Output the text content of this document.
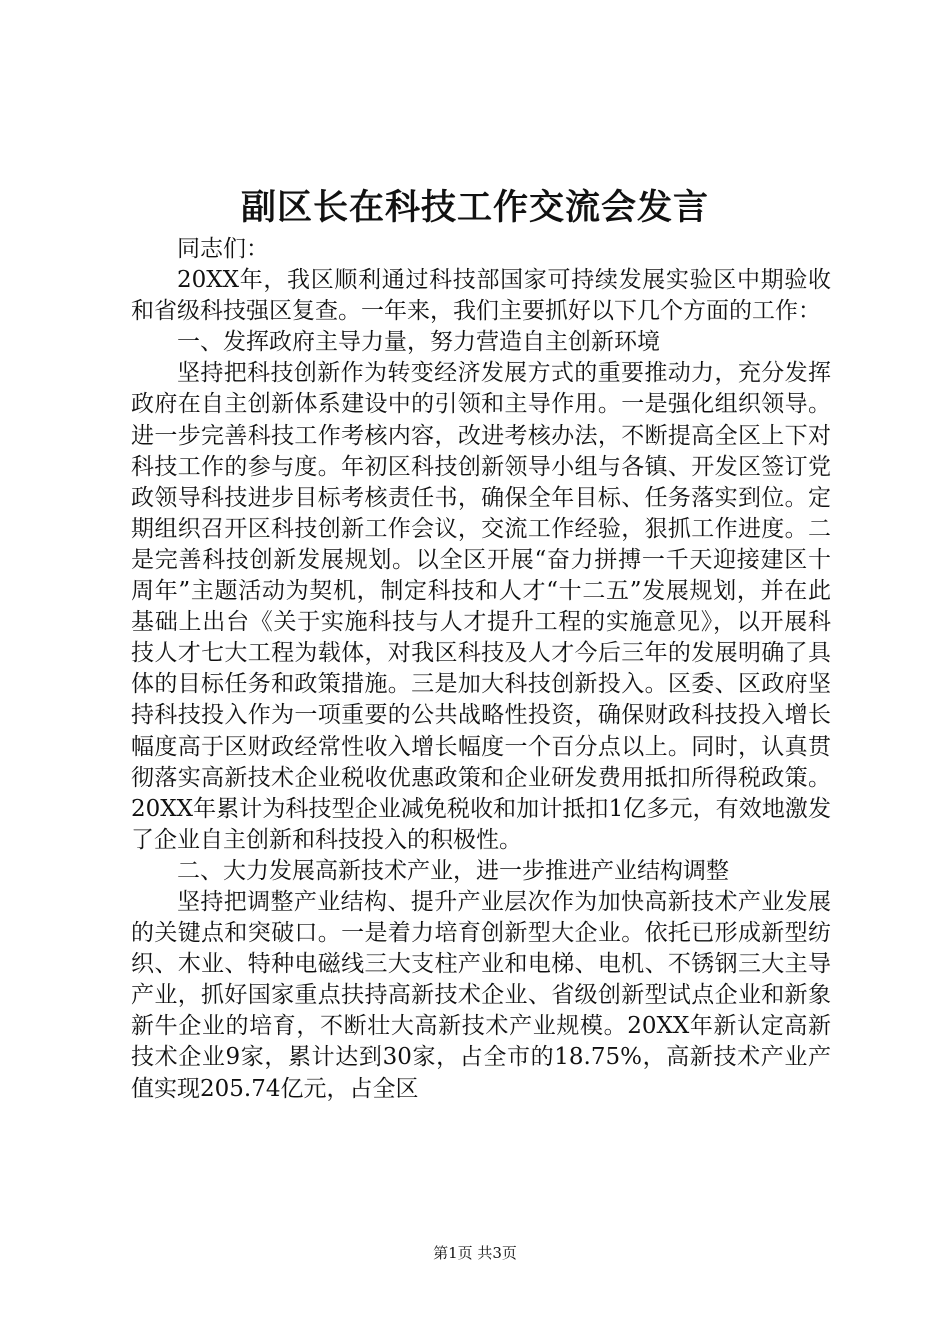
副区长在科技工作交流会发言

同志们：

20XX年，我区顺利通过科技部国家可持续发展实验区中期验收和省级科技强区复查。一年来，我们主要抓好以下几个方面的工作：

一、发挥政府主导力量，努力营造自主创新环境

坚持把科技创新作为转变经济发展方式的重要推动力，充分发挥政府在自主创新体系建设中的引领和主导作用。一是强化组织领导。进一步完善科技工作考核内容，改进考核办法，不断提高全区上下对科技工作的参与度。年初区科技创新领导小组与各镇、开发区签订党政领导科技进步目标考核责任书，确保全年目标、任务落实到位。定期组织召开区科技创新工作会议，交流工作经验，狠抓工作进度。二是完善科技创新发展规划。以全区开展“奋力拼搏一千天迎接建区十周年”主题活动为契机，制定科技和人才“十二五”发展规划，并在此基础上出台《关于实施科技与人才提升工程的实施意见》，以开展科技人才七大工程为载体，对我区科技及人才今后三年的发展明确了具体的目标任务和政策措施。三是加大科技创新投入。区委、区政府坚持科技投入作为一项重要的公共战略性投资，确保财政科技投入增长幅度高于区财政经常性收入增长幅度一个百分点以上。同时，认真贯彻落实高新技术企业税收优惠政策和企业研发费用抵扣所得税政策。20XX年累计为科技型企业减免税收和加计抵扣1亿多元，有效地激发了企业自主创新和科技投入的积极性。

二、大力发展高新技术产业，进一步推进产业结构调整

坚持把调整产业结构、提升产业层次作为加快高新技术产业发展的关键点和突破口。一是着力培育创新型大企业。依托已形成新型纺织、木业、特种电磁线三大支柱产业和电梯、电机、不锈钢三大主导产业，抓好国家重点扶持高新技术企业、省级创新型试点企业和新象新牛企业的培育，不断壮大高新技术产业规模。20XX年新认定高新技术企业9家，累计达到30家，占全市的18.75%，高新技术产业产值实现205.74亿元，占全区

第1页 共3页
